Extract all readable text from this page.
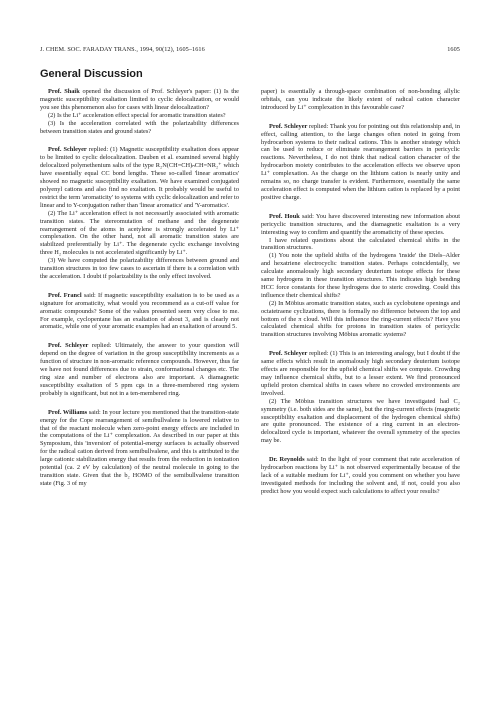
J. CHEM. SOC. FARADAY TRANS., 1994, 90(12), 1605–1616	1605
General Discussion

Prof. Shaik opened the discussion of Prof. Schleyer's paper: (1) Is the magnetic susceptibility exaltation limited to cyclic delocalization, or would you see this phenomenon also for cases with linear delocalization?

(2) Is the Li⁺ acceleration effect special for aromatic transition states?

(3) Is the acceleration correlated with the polarizability differences between transition states and ground states?

Prof. Schleyer replied: (1) Magnetic susceptibility exaltation does appear to be limited to cyclic delocalization. Dauben et al. examined several highly delocalized polymethenium salts of the type R₂N(CH=CH)ₙCH=NR₂⁺ which have essentially equal CC bond lengths. These so-called 'linear aromatics' showed no magnetic susceptibility exaltation. We have examined conjugated polyenyl cations and also find no exaltation. It probably would be useful to restrict the term 'aromaticity' to systems with cyclic delocalization and refer to linear and to Y-conjugation rather than 'linear aromatics' and 'Y-aromatics'.

(2) The Li⁺ acceleration effect is not necessarily associated with aromatic transition states. The stereomutation of methane and the degenerate rearrangement of the atoms in acetylene is strongly accelerated by Li⁺ complexation. On the other hand, not all aromatic transition states are stabilized preferentially by Li⁺. The degenerate cyclic exchange involving three H₂ molecules is not accelerated significantly by Li⁺.

(3) We have computed the polarizability differences between ground and transition structures in too few cases to ascertain if there is a correlation with the acceleration. I doubt if polarizability is the only effect involved.

Prof. Francl said: If magnetic susceptibility exaltation is to be used as a signature for aromaticity, what would you recommend as a cut-off value for aromatic compounds? Some of the values presented seem very close to me. For example, cyclopentane has an exaltation of about 3, and is clearly not aromatic, while one of your aromatic examples had an exaltation of around 5.

Prof. Schleyer replied: Ultimately, the answer to your question will depend on the degree of variation in the group susceptibility increments as a function of structure in non-aromatic reference compounds. However, thus far we have not found differences due to strain, conformational changes etc. The ring size and number of electrons also are important. A diamagnetic susceptibility exaltation of 5 ppm cgs in a three-membered ring system probably is significant, but not in a ten-membered ring.

Prof. Williams said: In your lecture you mentioned that the transition-state energy for the Cope rearrangement of semibullvalene is lowered relative to that of the reactant molecule when zero-point energy effects are included in the computations of the Li⁺ complexation. As described in our paper at this Symposium, this 'inversion' of potential-energy surfaces is actually observed for the radical cation derived from semibullvalene, and this is attributed to the large cationic stabilization energy that results from the reduction in ionization potential (ca. 2 eV by calculation) of the neutral molecule in going to the transition state. Given that the b₂ HOMO of the semibullvalene transition state (Fig. 3 of my

paper) is essentially a through-space combination of non-bonding allylic orbitals, can you indicate the likely extent of radical cation character introduced by Li⁺ complexation in this favourable case?

Prof. Schleyer replied: Thank you for pointing out this relationship and, in effect, calling attention, to the large changes often noted in going from hydrocarbon systems to their radical cations. This is another strategy which can be used to reduce or eliminate rearrangement barriers in pericyclic reactions. Nevertheless, I do not think that radical cation character of the hydrocarbon moiety contributes to the acceleration effects we observe upon Li⁺ complexation. As the charge on the lithium cation is nearly unity and remains so, no charge transfer is evident. Furthermore, essentially the same acceleration effect is computed when the lithium cation is replaced by a point positive charge.

Prof. Houk said: You have discovered interesting new information about pericyclic transition structures, and the diamagnetic exaltation is a very interesting way to confirm and quantify the aromaticity of these species.

I have related questions about the calculated chemical shifts in the transition structures.

(1) You note the upfield shifts of the hydrogens 'inside' the Diels–Alder and hexatriene electrocyclic transition states. Perhaps coincidentally, we calculate anomalously high secondary deuterium isotope effects for these same hydrogens in these transition structures. This indicates high bending HCC force constants for these hydrogens due to steric crowding. Could this influence their chemical shifts?

(2) In Möbius aromatic transition states, such as cyclobutene openings and octatetraene cyclizations, there is formally no difference between the top and bottom of the π cloud. Will this influence the ring-current effects? Have you calculated chemical shifts for protons in transition states of pericyclic transition structures involving Möbius aromatic systems?

Prof. Schleyer replied: (1) This is an interesting analogy, but I doubt if the same effects which result in anomalously high secondary deuterium isotope effects are responsible for the upfield chemical shifts we compute. Crowding may influence chemical shifts, but to a lesser extent. We find pronounced upfield proton chemical shifts in cases where no crowded environments are involved.

(2) The Möbius transition structures we have investigated had C₂ symmetry (i.e. both sides are the same), but the ring-current effects (magnetic susceptibility exaltation and displacement of the hydrogen chemical shifts) are quite pronounced. The existence of a ring current in an electron-delocalized cycle is important, whatever the overall symmetry of the species may be.

Dr. Reynolds said: In the light of your comment that rate acceleration of hydrocarbon reactions by Li⁺ is not observed experimentally because of the lack of a suitable medium for Li⁺, could you comment on whether you have investigated methods for including the solvent and, if not, could you also predict how you would expect such calculations to affect your results?
